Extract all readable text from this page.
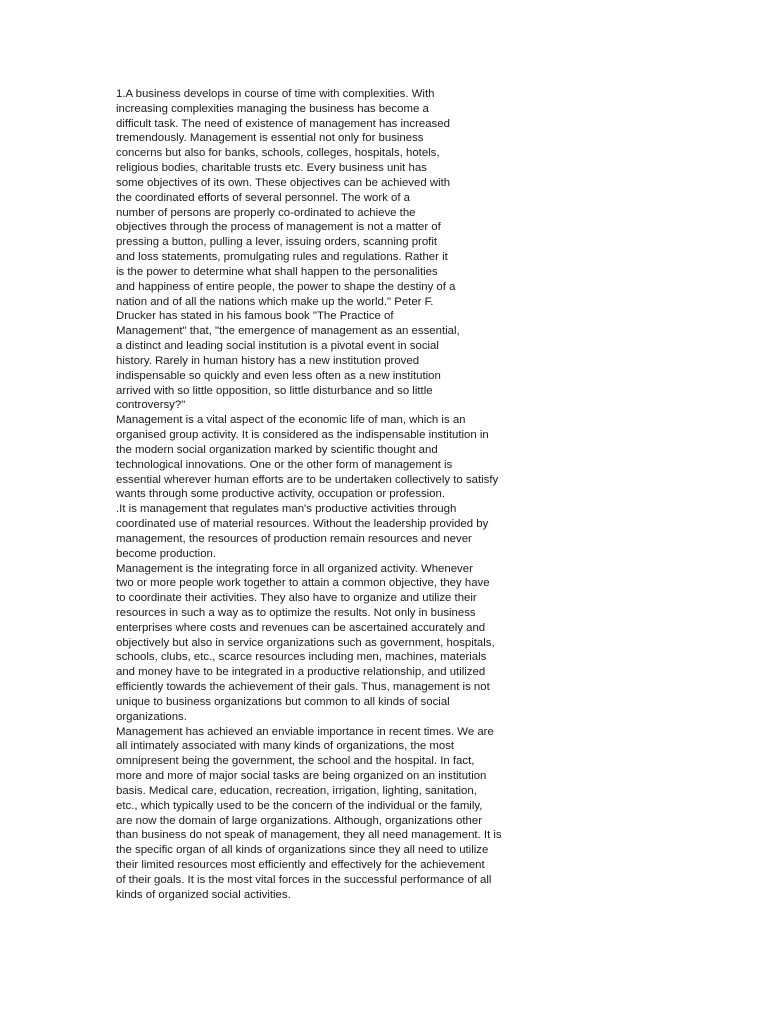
1.A business develops in course of time with complexities. With
increasing complexities managing the business has become a
difficult task. The need of existence of management has increased
tremendously. Management is essential not only for business
concerns but also for banks, schools, colleges, hospitals, hotels,
religious bodies, charitable trusts etc. Every business unit has
some objectives of its own. These objectives can be achieved with
the coordinated efforts of several personnel. The work of a
number of persons are properly co-ordinated to achieve the
objectives through the process of management is not a matter of
pressing a button, pulling a lever, issuing orders, scanning profit
and loss statements, promulgating rules and regulations. Rather it
is the power to determine what shall happen to the personalities
and happiness of entire people, the power to shape the destiny of a
nation and of all the nations which make up the world." Peter F.
Drucker has stated in his famous book "The Practice of
Management" that, "the emergence of management as an essential,
a distinct and leading social institution is a pivotal event in social
history. Rarely in human history has a new institution proved
indispensable so quickly and even less often as a new institution
arrived with so little opposition, so little disturbance and so little
controversy?"
Management is a vital aspect of the economic life of man, which is an
organised group activity. It is considered as the indispensable institution in
the modern social organization marked by scientific thought and
technological innovations. One or the other form of management is
essential wherever human efforts are to be undertaken collectively to satisfy
wants through some productive activity, occupation or profession.
.It is management that regulates man's productive activities through
coordinated use of material resources. Without the leadership provided by
management, the resources of production remain resources and never
become production.
Management is the integrating force in all organized activity. Whenever
two or more people work together to attain a common objective, they have
to coordinate their activities. They also have to organize and utilize their
resources in such a way as to optimize the results. Not only in business
enterprises where costs and revenues can be ascertained accurately and
objectively but also in service organizations such as government, hospitals,
schools, clubs, etc., scarce resources including men, machines, materials
and money have to be integrated in a productive relationship, and utilized
efficiently towards the achievement of their gals. Thus, management is not
unique to business organizations but common to all kinds of social
organizations.
Management has achieved an enviable importance in recent times. We are
all intimately associated with many kinds of organizations, the most
omnipresent being the government, the school and the hospital. In fact,
more and more of major social tasks are being organized on an institution
basis. Medical care, education, recreation, irrigation, lighting, sanitation,
etc., which typically used to be the concern of the individual or the family,
are now the domain of large organizations. Although, organizations other
than business do not speak of management, they all need management. It is
the specific organ of all kinds of organizations since they all need to utilize
their limited resources most efficiently and effectively for the achievement
of their goals. It is the most vital forces in the successful performance of all
kinds of organized social activities.
